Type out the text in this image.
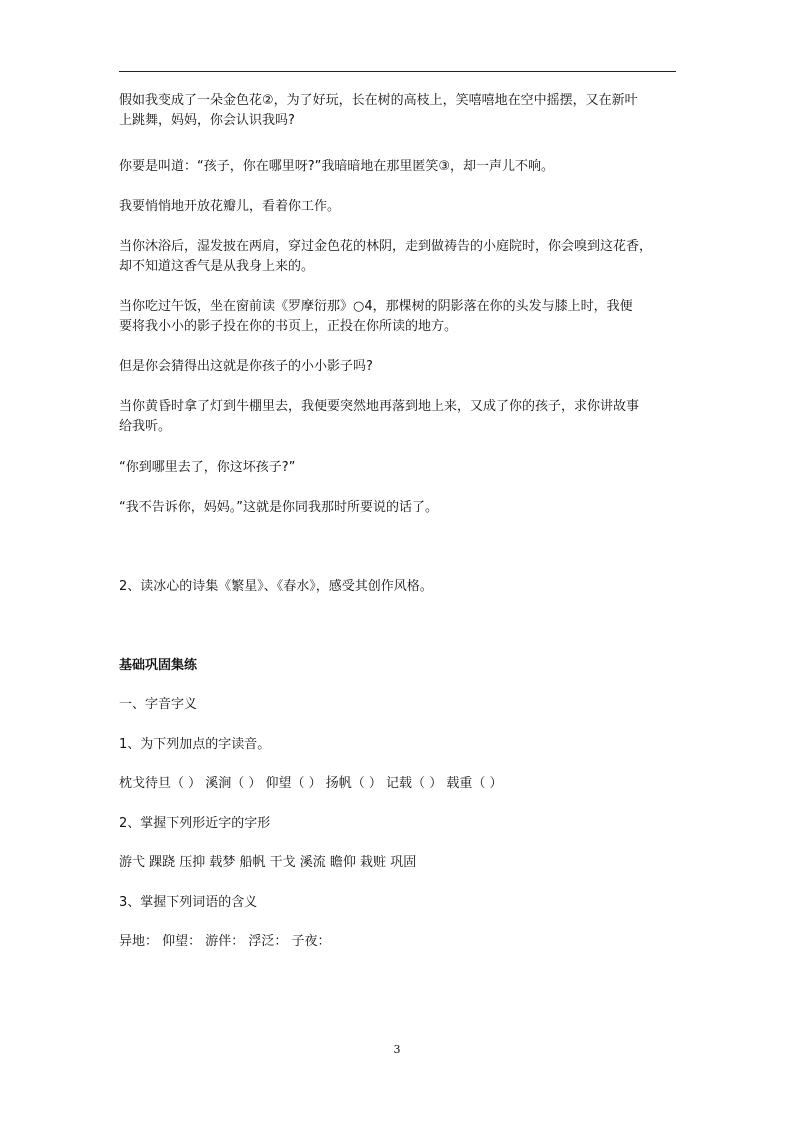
假如我变成了一朵金色花②，为了好玩，长在树的高枝上，笑嘻嘻地在空中摇摆，又在新叶
上跳舞，妈妈，你会认识我吗?
你要是叫道：“孩子，你在哪里呀?”我暗暗地在那里匿笑③，却一声儿不响。
我要悄悄地开放花瓣儿，看着你工作。
当你沐浴后，湿发披在两肩，穿过金色花的林阴，走到做祷告的小庭院时，你会嗅到这花香，
却不知道这香气是从我身上来的。
当你吃过午饭，坐在窗前读《罗摩衍那》○4，那棵树的阴影落在你的头发与膝上时，我便
要将我小小的影子投在你的书页上，正投在你所读的地方。
但是你会猜得出这就是你孩子的小小影子吗?
当你黄昏时拿了灯到牛棚里去，我便要突然地再落到地上来，又成了你的孩子，求你讲故事
给我听。
“你到哪里去了，你这坏孩子?”
“我不告诉你，妈妈。”这就是你同我那时所要说的话了。
2、读冰心的诗集《繁星》、《春水》，感受其创作风格。
基础巩固集练
一、字音字义
1、为下列加点的字读音。
枕戈待旦（ ） 溪涧（ ） 仰望（ ） 扬帆（ ） 记载（ ） 载重（ ）
2、掌握下列形近字的字形
游弋 踝跷 压抑 载梦 船帆 干戈 溪流 瞻仰 栽赃 巩固
3、掌握下列词语的含义
异地： 仰望： 游伴： 浮泛： 子夜：
3
